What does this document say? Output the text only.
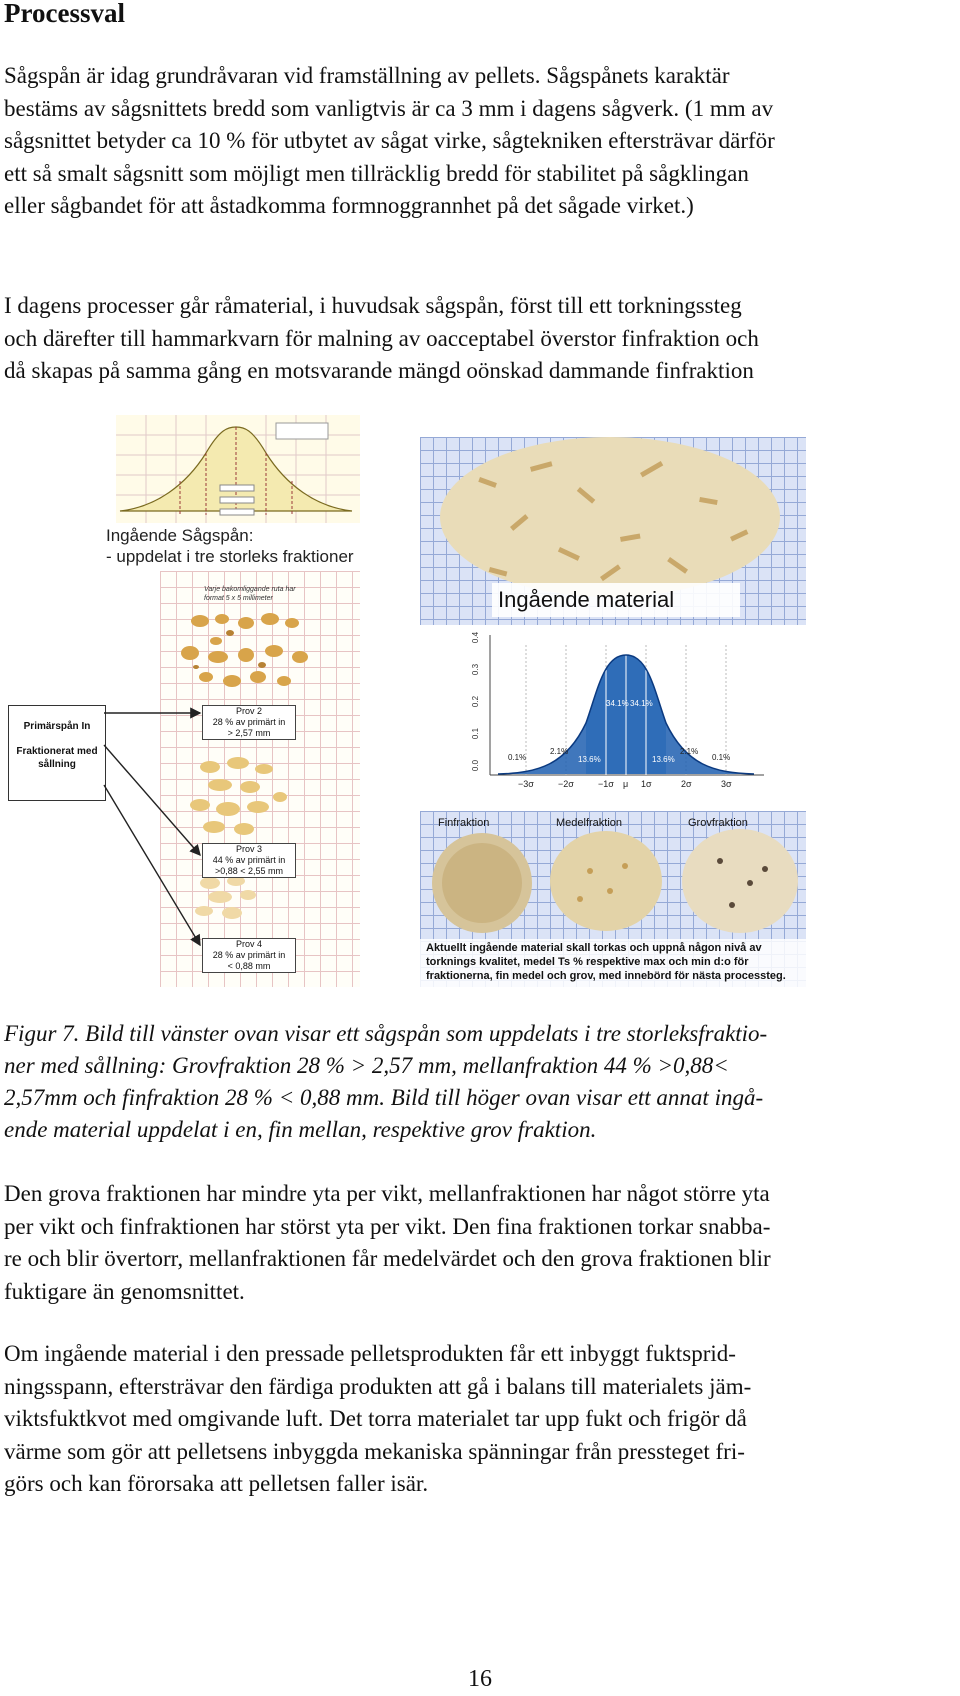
Processval
Sågspån är idag grundråvaran vid framställning av pellets. Sågspånets karaktär
bestäms av sågsnittets bredd som vanligtvis är ca 3 mm i dagens sågverk. (1 mm av
sågsnittet betyder ca 10 % för utbytet av sågat virke, sågtekniken eftersträvar därför
ett så smalt sågsnitt som möjligt men tillräcklig bredd för stabilitet på sågklingan
eller sågbandet för att åstadkomma formnoggrannhet på det sågade virket.)
I dagens processer går råmaterial, i huvudsak sågspån, först till ett torkningssteg
och därefter till hammarkvarn för malning av oacceptabel överstor finfraktion och
då skapas på samma gång en motsvarande mängd oönskad dammande finfraktion
Ingående Sågspån:
- uppdelat i tre storleks fraktioner
Varje bakomliggande ruta har
format 5 x 5 millimeter
Primärspån In
Fraktionerat med
sållning
Prov 2
28 % av primärt in
> 2,57 mm
Prov 3
44 % av primärt in
>0,88 < 2,55 mm
Prov 4
28 % av primärt in
< 0,88 mm
Ingående material
0.4
0.3
0.2
0.1
0.0
−3σ	−2σ	−1σ μ 1σ	2σ	3σ
0.1%
2.1%
13.6%
34.1% 34.1%
13.6%
2.1%
0.1%
Finfraktion	Medelfraktion	Grovfraktion
Aktuellt ingående material skall torkas och uppnå någon nivå av
torknings kvalitet, medel Ts % respektive max och min d:o för
fraktionerna, fin medel och grov, med innebörd för nästa processteg.
Figur 7. Bild till vänster ovan visar ett sågspån som uppdelats i tre storleksfraktio-
ner med sållning: Grovfraktion 28 % > 2,57 mm, mellanfraktion 44 % >0,88<
2,57mm och finfraktion 28 % < 0,88 mm. Bild till höger ovan visar ett annat ingå-
ende material uppdelat i en, fin mellan, respektive grov fraktion.
Den grova fraktionen har mindre yta per vikt, mellanfraktionen har något större yta
per vikt och finfraktionen har störst yta per vikt. Den fina fraktionen torkar snabba-
re och blir övertorr, mellanfraktionen får medelvärdet och den grova fraktionen blir
fuktigare än genomsnittet.
Om ingående material i den pressade pelletsprodukten får ett inbyggt fuktsprid-
ningsspann, eftersträvar den färdiga produkten att gå i balans till materialets jäm-
viktsfuktkvot med omgivande luft. Det torra materialet tar upp fukt och frigör då
värme som gör att pelletsens inbyggda mekaniska spänningar från pressteget fri-
görs och kan förorsaka att pelletsen faller isär.
16
